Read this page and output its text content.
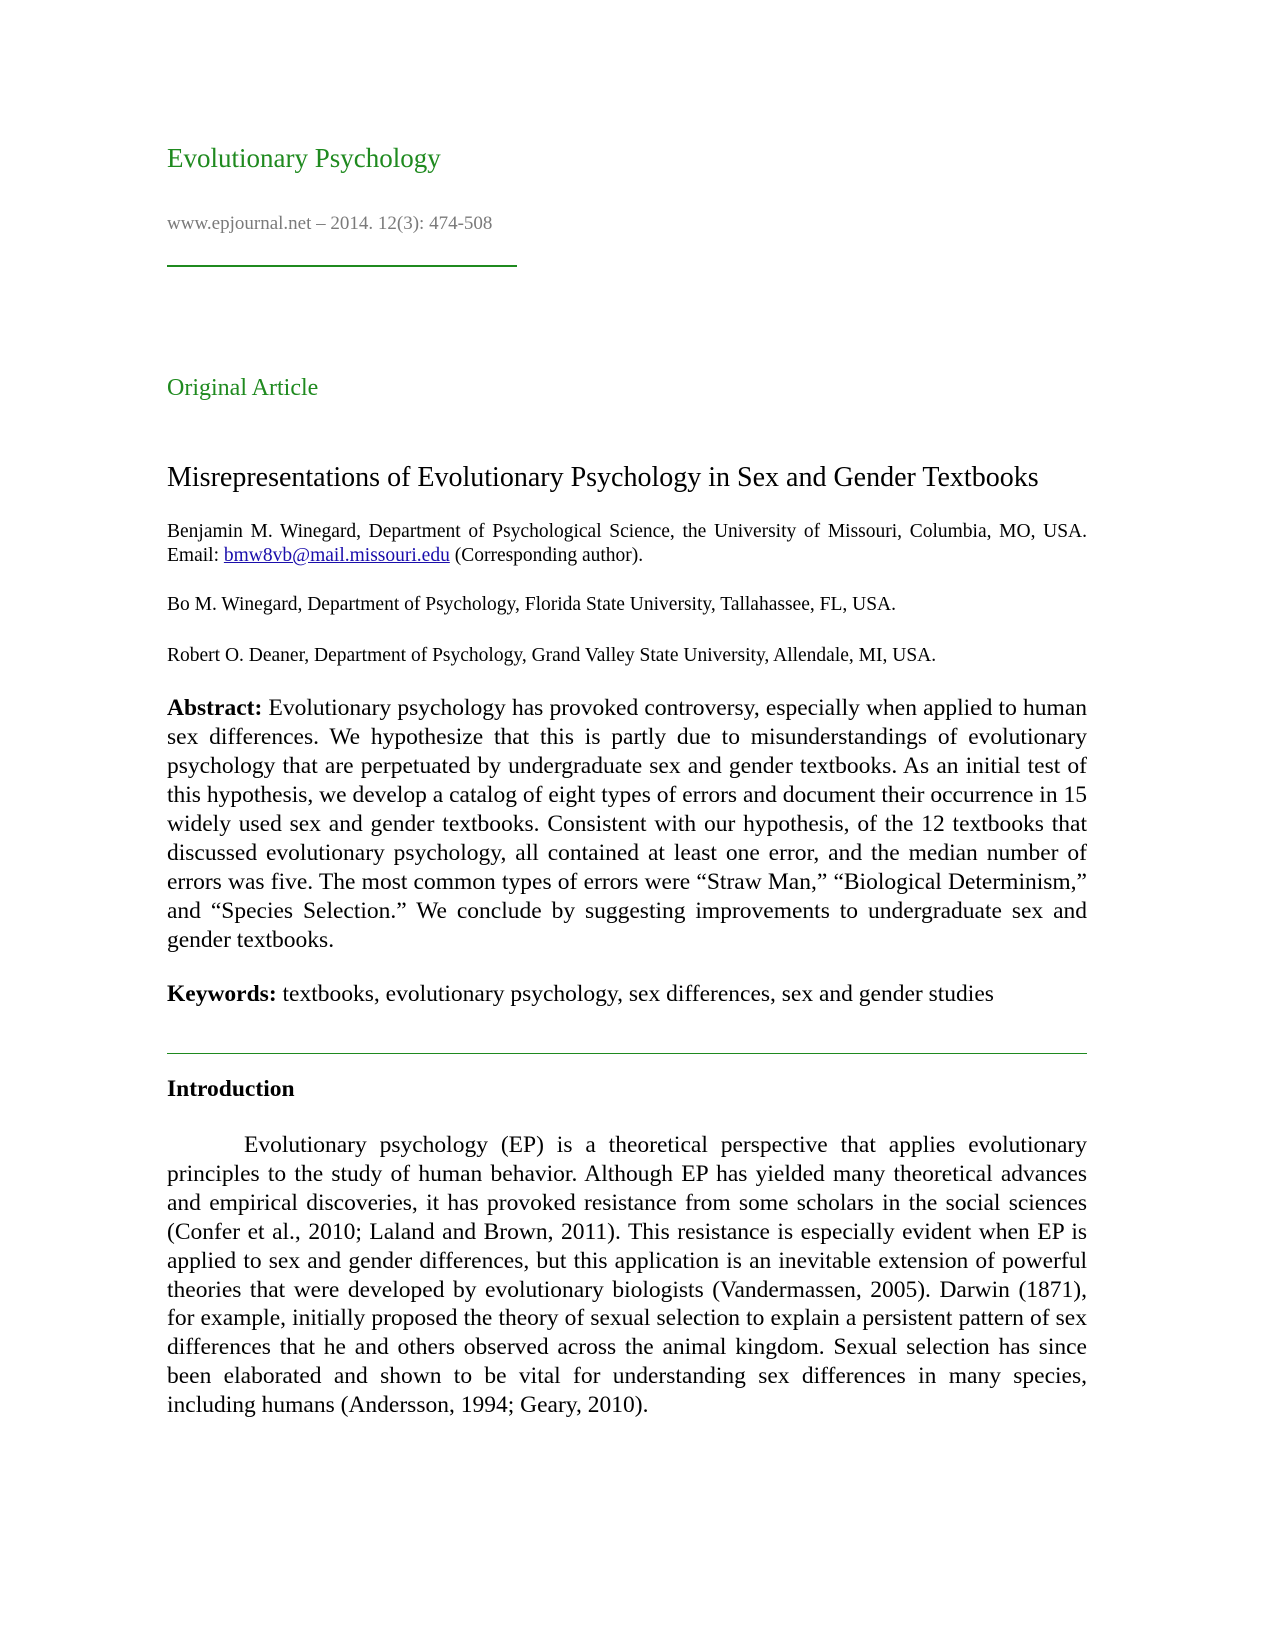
Evolutionary Psychology
www.epjournal.net – 2014. 12(3): 474-508
Original Article
Misrepresentations of Evolutionary Psychology in Sex and Gender Textbooks
Benjamin M. Winegard, Department of Psychological Science, the University of Missouri, Columbia, MO, USA. Email: bmw8vb@mail.missouri.edu (Corresponding author).
Bo M. Winegard, Department of Psychology, Florida State University, Tallahassee, FL, USA.
Robert O. Deaner, Department of Psychology, Grand Valley State University, Allendale, MI, USA.
Abstract: Evolutionary psychology has provoked controversy, especially when applied to human sex differences. We hypothesize that this is partly due to misunderstandings of evolutionary psychology that are perpetuated by undergraduate sex and gender textbooks. As an initial test of this hypothesis, we develop a catalog of eight types of errors and document their occurrence in 15 widely used sex and gender textbooks. Consistent with our hypothesis, of the 12 textbooks that discussed evolutionary psychology, all contained at least one error, and the median number of errors was five. The most common types of errors were “Straw Man,” “Biological Determinism,” and “Species Selection.” We conclude by suggesting improvements to undergraduate sex and gender textbooks.
Keywords: textbooks, evolutionary psychology, sex differences, sex and gender studies
Introduction
Evolutionary psychology (EP) is a theoretical perspective that applies evolutionary principles to the study of human behavior. Although EP has yielded many theoretical advances and empirical discoveries, it has provoked resistance from some scholars in the social sciences (Confer et al., 2010; Laland and Brown, 2011). This resistance is especially evident when EP is applied to sex and gender differences, but this application is an inevitable extension of powerful theories that were developed by evolutionary biologists (Vandermassen, 2005). Darwin (1871), for example, initially proposed the theory of sexual selection to explain a persistent pattern of sex differences that he and others observed across the animal kingdom. Sexual selection has since been elaborated and shown to be vital for understanding sex differences in many species, including humans (Andersson, 1994; Geary, 2010).
